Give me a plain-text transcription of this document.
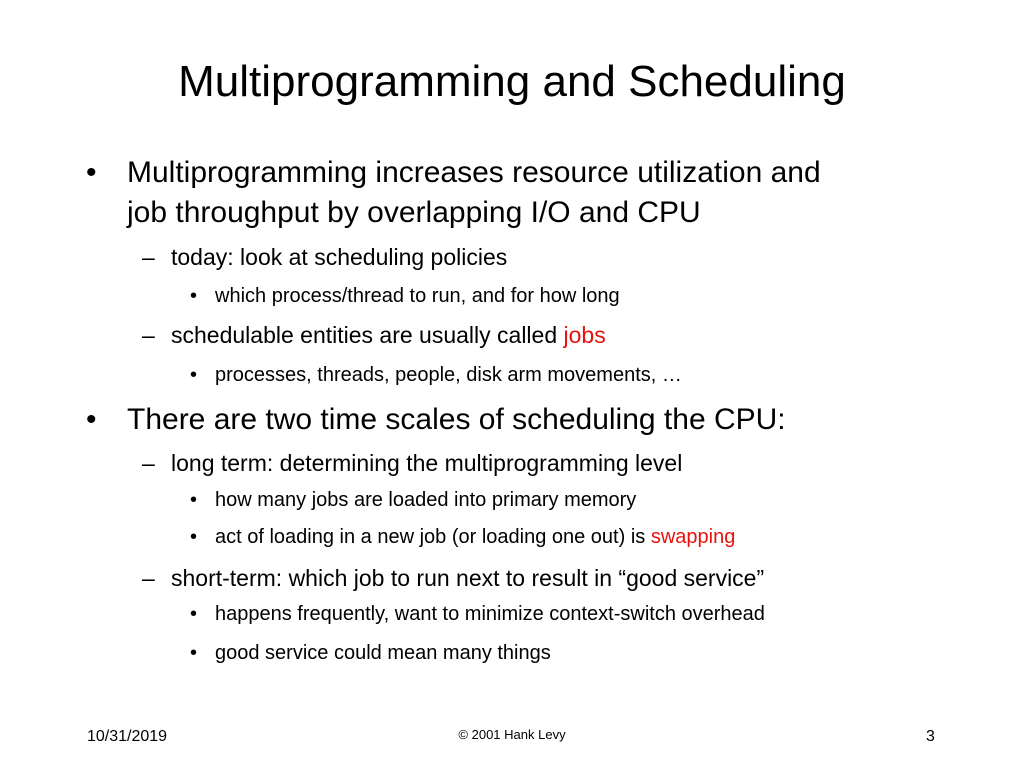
Multiprogramming and Scheduling
• Multiprogramming increases resource utilization and
job throughput by overlapping I/O and CPU
– today: look at scheduling policies
• which process/thread to run, and for how long
– schedulable entities are usually called jobs
• processes, threads, people, disk arm movements, …
• There are two time scales of scheduling the CPU:
– long term: determining the multiprogramming level
• how many jobs are loaded into primary memory
• act of loading in a new job (or loading one out) is swapping
– short-term: which job to run next to result in “good service”
• happens frequently, want to minimize context-switch overhead
• good service could mean many things
10/31/2019	© 2001 Hank Levy	3
